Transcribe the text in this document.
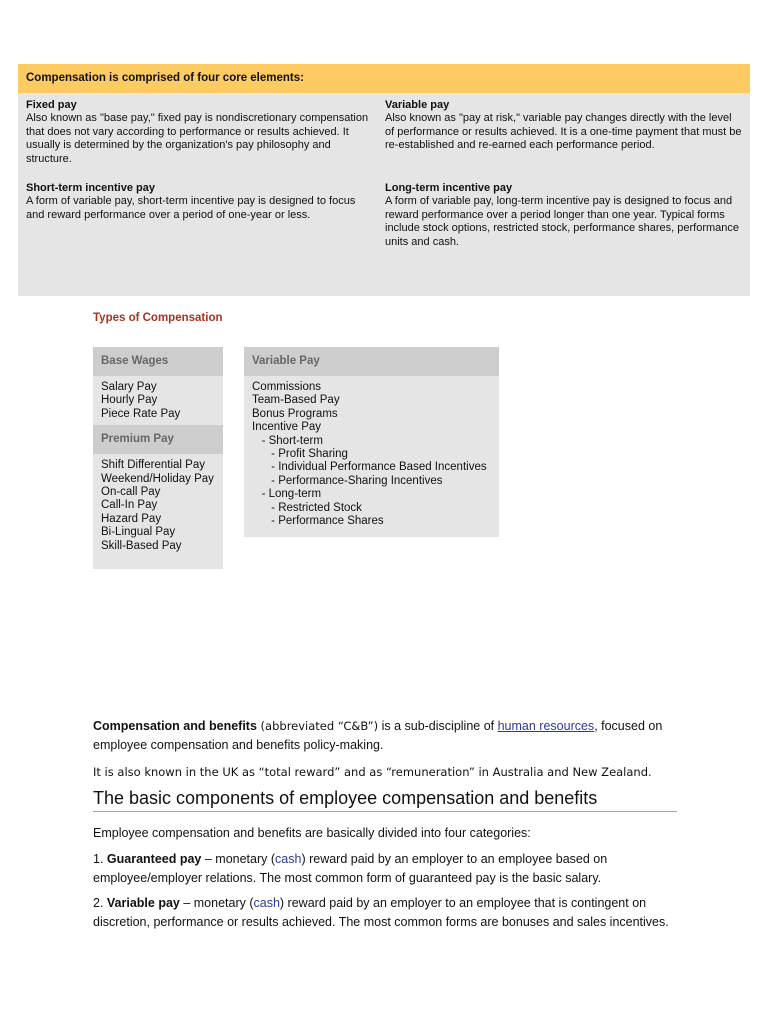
Compensation is comprised of four core elements:
Fixed pay
Also known as "base pay," fixed pay is nondiscretionary compensation that does not vary according to performance or results achieved. It usually is determined by the organization's pay philosophy and structure.
Variable pay
Also known as "pay at risk," variable pay changes directly with the level of performance or results achieved. It is a one-time payment that must be re-established and re-earned each performance period.
Short-term incentive pay
A form of variable pay, short-term incentive pay is designed to focus and reward performance over a period of one-year or less.
Long-term incentive pay
A form of variable pay, long-term incentive pay is designed to focus and reward performance over a period longer than one year. Typical forms include stock options, restricted stock, performance shares, performance units and cash.
Types of Compensation
Base Wages
Salary Pay
Hourly Pay
Piece Rate Pay
Premium Pay
Shift Differential Pay
Weekend/Holiday Pay
On-call Pay
Call-In Pay
Hazard Pay
Bi-Lingual Pay
Skill-Based Pay
Variable Pay
Commissions
Team-Based Pay
Bonus Programs
Incentive Pay
- Short-term
- Profit Sharing
- Individual Performance Based Incentives
- Performance-Sharing Incentives
- Long-term
- Restricted Stock
- Performance Shares
Compensation and benefits (abbreviated “C&B”) is a sub-discipline of human resources, focused on employee compensation and benefits policy-making.
It is also known in the UK as “total reward” and as “remuneration” in Australia and New Zealand.
The basic components of employee compensation and benefits
Employee compensation and benefits are basically divided into four categories:
1. Guaranteed pay – monetary (cash) reward paid by an employer to an employee based on employee/employer relations. The most common form of guaranteed pay is the basic salary.
2. Variable pay – monetary (cash) reward paid by an employer to an employee that is contingent on discretion, performance or results achieved. The most common forms are bonuses and sales incentives.
